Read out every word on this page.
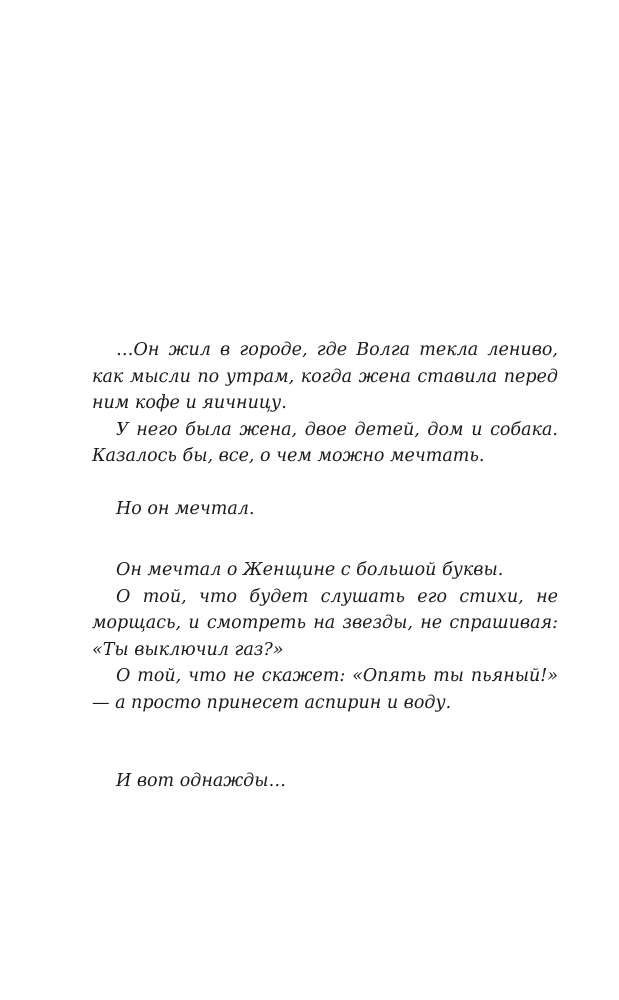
…Он жил в городе, где Волга текла лениво, как мысли по утрам, когда жена ставила перед ним кофе и яичницу.

У него была жена, двое детей, дом и собака. Казалось бы, все, о чем можно мечтать.

Но он мечтал.

Он мечтал о Женщине с большой буквы.

О той, что будет слушать его стихи, не морщась, и смотреть на звезды, не спрашивая: «Ты выключил газ?»

О той, что не скажет: «Опять ты пьяный!» — а просто принесет аспирин и воду.

И вот однажды…
